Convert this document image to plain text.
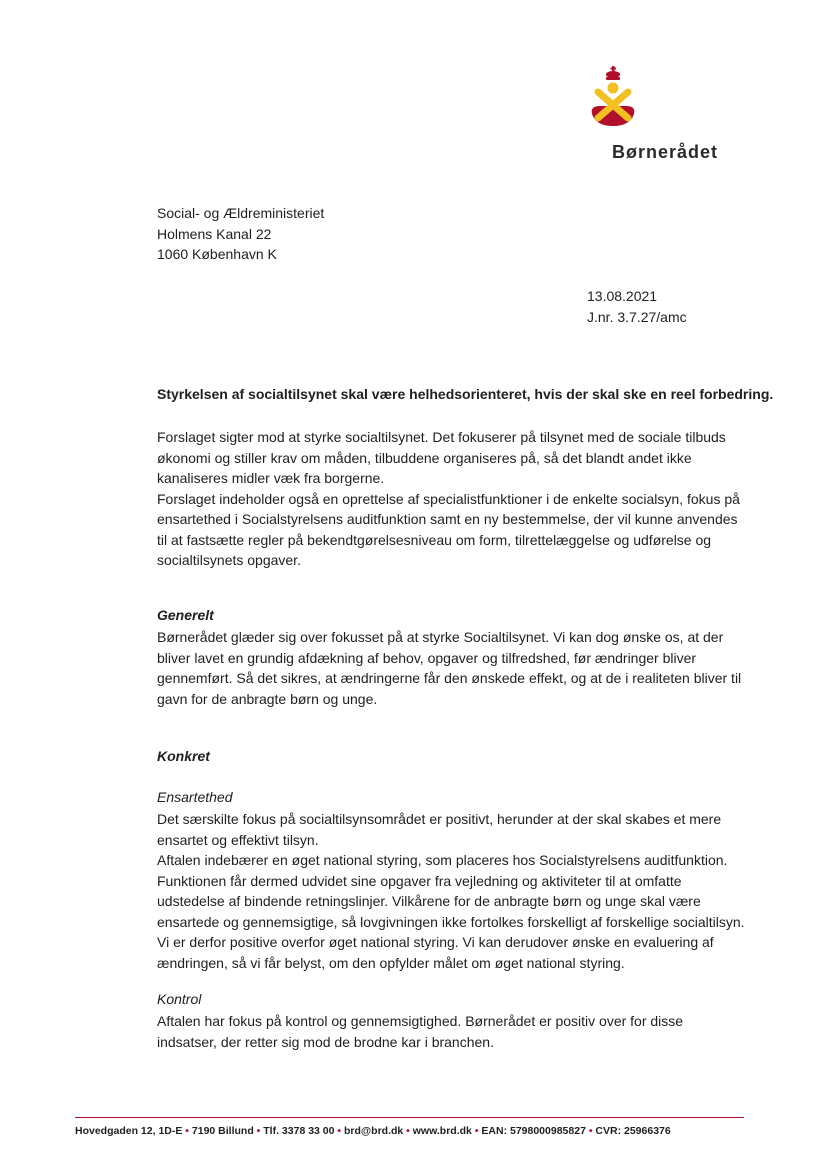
Børnerådet
Social- og Ældreministeriet
Holmens Kanal 22
1060 København K
13.08.2021
J.nr. 3.7.27/amc
Styrkelsen af socialtilsynet skal være helhedsorienteret, hvis der skal ske en reel forbedring.
Forslaget sigter mod at styrke socialtilsynet. Det fokuserer på tilsynet med de sociale tilbuds
økonomi og stiller krav om måden, tilbuddene organiseres på, så det blandt andet ikke
kanaliseres midler væk fra borgerne.
Forslaget indeholder også en oprettelse af specialistfunktioner i de enkelte socialsyn, fokus på
ensartethed i Socialstyrelsens auditfunktion samt en ny bestemmelse, der vil kunne anvendes
til at fastsætte regler på bekendtgørelsesniveau om form, tilrettelæggelse og udførelse og
socialtilsynets opgaver.
Generelt
Børnerådet glæder sig over fokusset på at styrke Socialtilsynet. Vi kan dog ønske os, at der
bliver lavet en grundig afdækning af behov, opgaver og tilfredshed, før ændringer bliver
gennemført. Så det sikres, at ændringerne får den ønskede effekt, og at de i realiteten bliver til
gavn for de anbragte børn og unge.
Konkret
Ensartethed
Det særskilte fokus på socialtilsynsområdet er positivt, herunder at der skal skabes et mere
ensartet og effektivt tilsyn.
Aftalen indebærer en øget national styring, som placeres hos Socialstyrelsens auditfunktion.
Funktionen får dermed udvidet sine opgaver fra vejledning og aktiviteter til at omfatte
udstedelse af bindende retningslinjer. Vilkårene for de anbragte børn og unge skal være
ensartede og gennemsigtige, så lovgivningen ikke fortolkes forskelligt af forskellige socialtilsyn.
Vi er derfor positive overfor øget national styring. Vi kan derudover ønske en evaluering af
ændringen, så vi får belyst, om den opfylder målet om øget national styring.
Kontrol
Aftalen har fokus på kontrol og gennemsigtighed. Børnerådet er positiv over for disse
indsatser, der retter sig mod de brodne kar i branchen.
Hovedgaden 12, 1D-E • 7190 Billund • Tlf. 3378 33 00 • brd@brd.dk • www.brd.dk • EAN: 5798000985827 • CVR: 25966376
